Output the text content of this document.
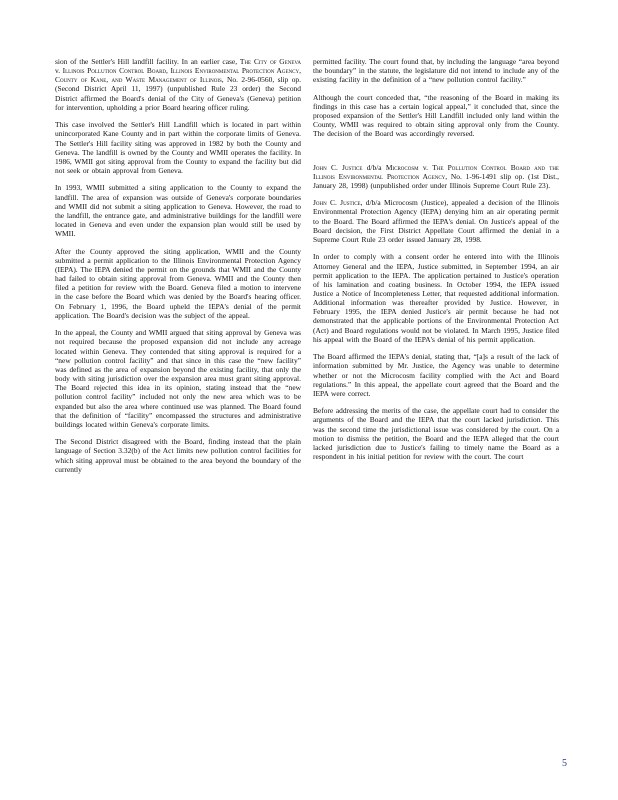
sion of the Settler's Hill landfill facility. In an earlier case, The City of Geneva v. Illinois Pollution Control Board, Illinois Environmental Protection Agency, County of Kane, and Waste Management of Illinois, No. 2-96-0560, slip op. (Second District April 11, 1997) (unpublished Rule 23 order) the Second District affirmed the Board's denial of the City of Geneva's (Geneva) petition for intervention, upholding a prior Board hearing officer ruling.

This case involved the Settler's Hill Landfill which is located in part within unincorporated Kane County and in part within the corporate limits of Geneva. The Settler's Hill facility siting was approved in 1982 by both the County and Geneva. The landfill is owned by the County and WMII operates the facility. In 1986, WMII got siting approval from the County to expand the facility but did not seek or obtain approval from Geneva.

In 1993, WMII submitted a siting application to the County to expand the landfill. The area of expansion was outside of Geneva's corporate boundaries and WMII did not submit a siting application to Geneva. However, the road to the landfill, the entrance gate, and administrative buildings for the landfill were located in Geneva and even under the expansion plan would still be used by WMII.

After the County approved the siting application, WMII and the County submitted a permit application to the Illinois Environmental Protection Agency (IEPA). The IEPA denied the permit on the grounds that WMII and the County had failed to obtain siting approval from Geneva. WMII and the County then filed a petition for review with the Board. Geneva filed a motion to intervene in the case before the Board which was denied by the Board's hearing officer. On February 1, 1996, the Board upheld the IEPA's denial of the permit application. The Board's decision was the subject of the appeal.

In the appeal, the County and WMII argued that siting approval by Geneva was not required because the proposed expansion did not include any acreage located within Geneva. They contended that siting approval is required for a “new pollution control facility” and that since in this case the “new facility” was defined as the area of expansion beyond the existing facility, that only the body with siting jurisdiction over the expansion area must grant siting approval. The Board rejected this idea in its opinion, stating instead that the “new pollution control facility” included not only the new area which was to be expanded but also the area where continued use was planned. The Board found that the definition of “facility” encompassed the structures and administrative buildings located within Geneva's corporate limits.

The Second District disagreed with the Board, finding instead that the plain language of Section 3.32(b) of the Act limits new pollution control facilities for which siting approval must be obtained to the area beyond the boundary of the currently

permitted facility. The court found that, by including the language “area beyond the boundary” in the statute, the legislature did not intend to include any of the existing facility in the definition of a “new pollution control facility.”

Although the court conceded that, “the reasoning of the Board in making its findings in this case has a certain logical appeal,” it concluded that, since the proposed expansion of the Settler's Hill Landfill included only land within the County, WMII was required to obtain siting approval only from the County. The decision of the Board was accordingly reversed.

John C. Justice d/b/a Microcosm v. The Pollution Control Board and the Illinois Environmental Protection Agency, No. 1-96-1491 slip op. (1st Dist., January 28, 1998) (unpublished order under Illinois Supreme Court Rule 23).

John C. Justice, d/b/a Microcosm (Justice), appealed a decision of the Illinois Environmental Protection Agency (IEPA) denying him an air operating permit to the Board. The Board affirmed the IEPA's denial. On Justice's appeal of the Board decision, the First District Appellate Court affirmed the denial in a Supreme Court Rule 23 order issued January 28, 1998.

In order to comply with a consent order he entered into with the Illinois Attorney General and the IEPA, Justice submitted, in September 1994, an air permit application to the IEPA. The application pertained to Justice's operation of his lamination and coating business. In October 1994, the IEPA issued Justice a Notice of Incompleteness Letter, that requested additional information. Additional information was thereafter provided by Justice. However, in February 1995, the IEPA denied Justice's air permit because he had not demonstrated that the applicable portions of the Environmental Protection Act (Act) and Board regulations would not be violated. In March 1995, Justice filed his appeal with the Board of the IEPA's denial of his permit application.

The Board affirmed the IEPA's denial, stating that, “[a]s a result of the lack of information submitted by Mr. Justice, the Agency was unable to determine whether or not the Microcosm facility complied with the Act and Board regulations.” In this appeal, the appellate court agreed that the Board and the IEPA were correct.

Before addressing the merits of the case, the appellate court had to consider the arguments of the Board and the IEPA that the court lacked jurisdiction. This was the second time the jurisdictional issue was considered by the court. On a motion to dismiss the petition, the Board and the IEPA alleged that the court lacked jurisdiction due to Justice's failing to timely name the Board as a respondent in his initial petition for review with the court. The court

5
